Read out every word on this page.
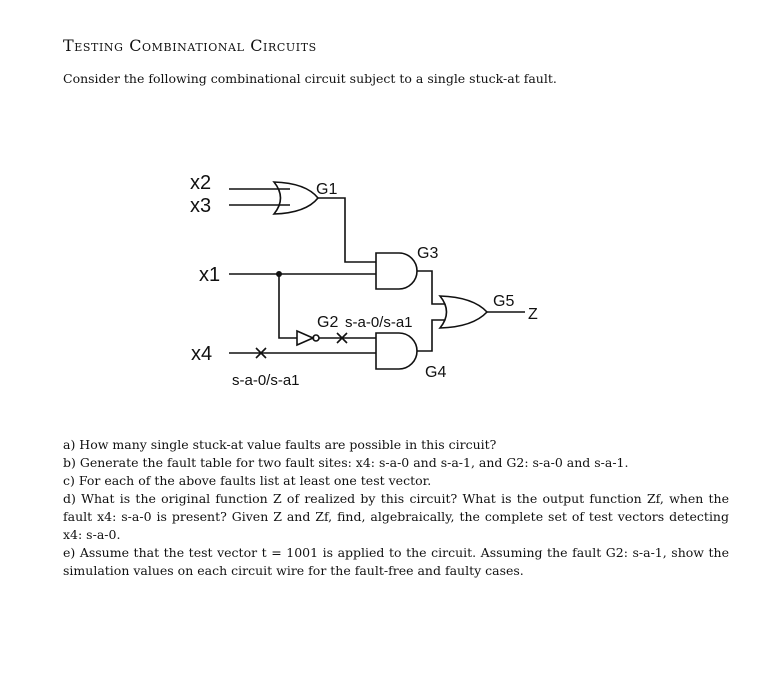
Testing Combinational Circuits
Consider the following combinational circuit subject to a single stuck-at fault.
x2
x3
x1
x4
G1
G2 s-a-0/s-a1
G3
G4
G5
Z
s-a-0/s-a1

a) How many single stuck-at value faults are possible in this circuit?

b) Generate the fault table for two fault sites: x4: s-a-0 and s-a-1, and G2: s-a-0 and s-a-1.

c) For each of the above faults list at least one test vector.

d) What is the original function Z of realized by this circuit? What is the output function Zf, when the fault x4: s-a-0 is present? Given Z and Zf, find, algebraically, the complete set of test vectors detecting x4: s-a-0.

e) Assume that the test vector t = 1001 is applied to the circuit. Assuming the fault G2: s-a-1, show the simulation values on each circuit wire for the fault-free and faulty cases.
